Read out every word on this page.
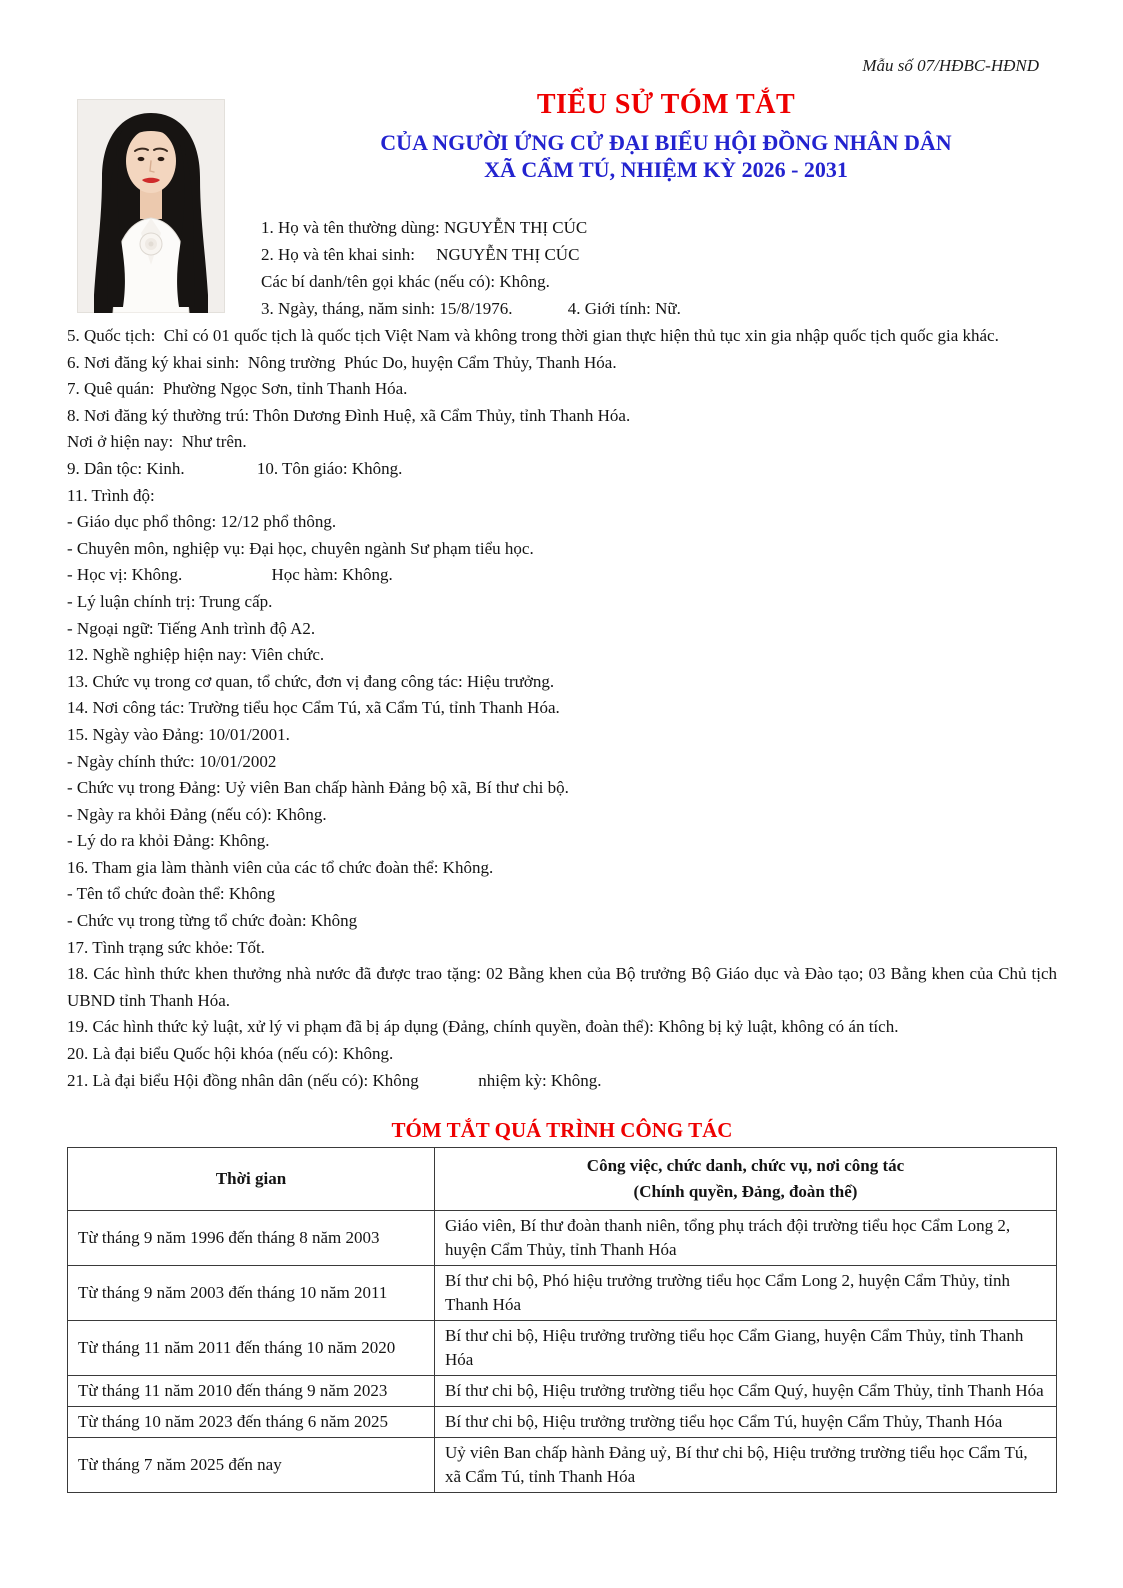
Mẫu số 07/HĐBC-HĐND
TIỂU SỬ TÓM TẮT
CỦA NGƯỜI ỨNG CỬ ĐẠI BIỂU HỘI ĐỒNG NHÂN DÂN
XÃ CẨM TÚ, NHIỆM KỲ 2026 - 2031

1. Họ và tên thường dùng: NGUYỄN THỊ CÚC

2. Họ và tên khai sinh:     NGUYỄN THỊ CÚC

Các bí danh/tên gọi khác (nếu có): Không.

3. Ngày, tháng, năm sinh: 15/8/1976.             4. Giới tính: Nữ.

5. Quốc tịch:  Chỉ có 01 quốc tịch là quốc tịch Việt Nam và không trong thời gian thực hiện thủ tục xin gia nhập quốc tịch quốc gia khác.

6. Nơi đăng ký khai sinh:  Nông trường  Phúc Do, huyện Cẩm Thủy, Thanh Hóa.

7. Quê quán:  Phường Ngọc Sơn, tỉnh Thanh Hóa.

8. Nơi đăng ký thường trú: Thôn Dương Đình Huệ, xã Cẩm Thủy, tỉnh Thanh Hóa.

Nơi ở hiện nay:  Như trên.

9. Dân tộc: Kinh.                 10. Tôn giáo: Không.

11. Trình độ:

- Giáo dục phổ thông: 12/12 phổ thông.

- Chuyên môn, nghiệp vụ: Đại học, chuyên ngành Sư phạm tiểu học.

- Học vị: Không.                     Học hàm: Không.

- Lý luận chính trị: Trung cấp.

- Ngoại ngữ: Tiếng Anh trình độ A2.

12. Nghề nghiệp hiện nay: Viên chức.

13. Chức vụ trong cơ quan, tổ chức, đơn vị đang công tác: Hiệu trưởng.

14. Nơi công tác: Trường tiểu học Cẩm Tú, xã Cẩm Tú, tỉnh Thanh Hóa.

15. Ngày vào Đảng: 10/01/2001.

- Ngày chính thức: 10/01/2002

- Chức vụ trong Đảng: Uỷ viên Ban chấp hành Đảng bộ xã, Bí thư chi bộ.

- Ngày ra khỏi Đảng (nếu có): Không.

- Lý do ra khỏi Đảng: Không.

16. Tham gia làm thành viên của các tổ chức đoàn thể: Không.

- Tên tổ chức đoàn thể: Không

- Chức vụ trong từng tổ chức đoàn: Không

17. Tình trạng sức khỏe: Tốt.

18. Các hình thức khen thưởng nhà nước đã được trao tặng: 02 Bằng khen của Bộ trưởng Bộ Giáo dục và Đào tạo; 03 Bằng khen của Chủ tịch UBND tỉnh Thanh Hóa.

19. Các hình thức kỷ luật, xử lý vi phạm đã bị áp dụng (Đảng, chính quyền, đoàn thể): Không bị kỷ luật, không có án tích.

20. Là đại biểu Quốc hội khóa (nếu có): Không.

21. Là đại biểu Hội đồng nhân dân (nếu có): Không              nhiệm kỳ: Không.

TÓM TẮT QUÁ TRÌNH CÔNG TÁC
Thời gian	Công việc, chức danh, chức vụ, nơi công tác
(Chính quyền, Đảng, đoàn thể)

Từ tháng 9 năm 1996 đến tháng 8 năm 2003	Giáo viên, Bí thư đoàn thanh niên, tổng phụ trách đội trường tiểu học Cẩm Long 2, huyện Cẩm Thủy, tỉnh Thanh Hóa
Từ tháng 9 năm 2003 đến tháng 10 năm 2011	Bí thư chi bộ, Phó hiệu trưởng trường tiểu học Cẩm Long 2, huyện Cẩm Thủy, tỉnh Thanh Hóa
Từ tháng 11 năm 2011 đến tháng 10 năm 2020	Bí thư chi bộ, Hiệu trưởng trường tiểu học Cẩm Giang, huyện Cẩm Thủy, tỉnh Thanh Hóa
Từ tháng 11 năm 2010 đến tháng 9 năm 2023	Bí thư chi bộ, Hiệu trưởng trường tiểu học Cẩm Quý, huyện Cẩm Thủy, tỉnh Thanh Hóa
Từ tháng 10 năm 2023 đến tháng 6 năm 2025	Bí thư chi bộ, Hiệu trưởng trường tiểu học Cẩm Tú, huyện Cẩm Thủy, Thanh Hóa
Từ tháng 7 năm 2025 đến nay	Uỷ viên Ban chấp hành Đảng uỷ, Bí thư chi bộ, Hiệu trưởng trường tiểu học Cẩm Tú, xã Cẩm Tú, tỉnh Thanh Hóa
